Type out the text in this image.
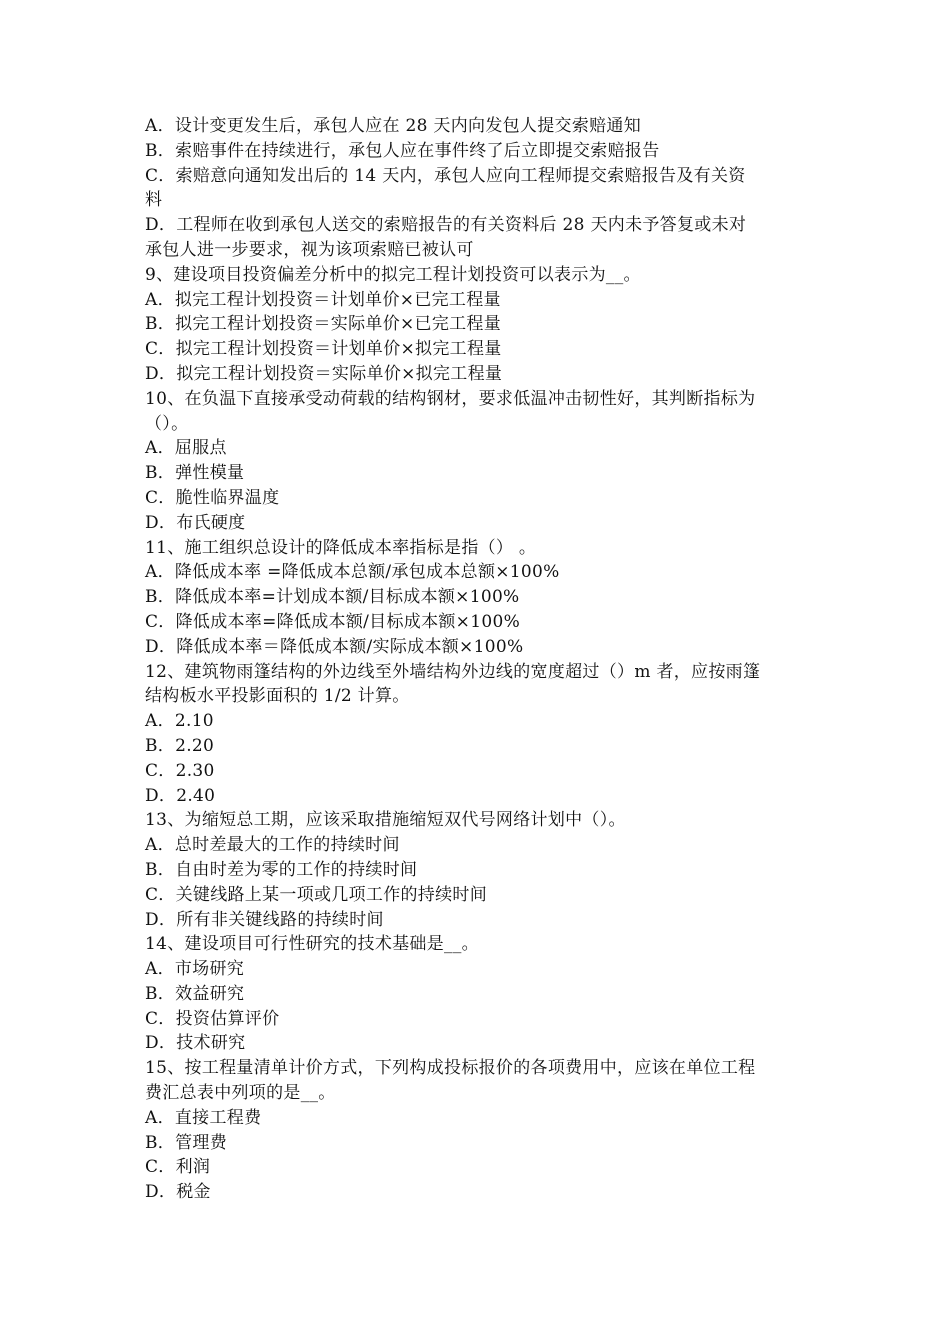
A．设计变更发生后，承包人应在 28 天内向发包人提交索赔通知
B．索赔事件在持续进行，承包人应在事件终了后立即提交索赔报告
C．索赔意向通知发出后的 14 天内，承包人应向工程师提交索赔报告及有关资
料
D．工程师在收到承包人送交的索赔报告的有关资料后 28 天内未予答复或未对
承包人进一步要求，视为该项索赔已被认可
9、建设项目投资偏差分析中的拟完工程计划投资可以表示为__。
A．拟完工程计划投资＝计划单价×已完工程量
B．拟完工程计划投资＝实际单价×已完工程量
C．拟完工程计划投资＝计划单价×拟完工程量
D．拟完工程计划投资＝实际单价×拟完工程量
10、在负温下直接承受动荷载的结构钢材，要求低温冲击韧性好，其判断指标为
（）。
A．屈服点
B．弹性模量
C．脆性临界温度
D．布氏硬度
11、施工组织总设计的降低成本率指标是指（） 。
A．降低成本率 =降低成本总额/承包成本总额×100%
B．降低成本率=计划成本额/目标成本额×100%
C．降低成本率=降低成本额/目标成本额×100%
D．降低成本率＝降低成本额/实际成本额×100%
12、建筑物雨篷结构的外边线至外墙结构外边线的宽度超过（）m 者，应按雨篷
结构板水平投影面积的 1/2 计算。
A．2.10
B．2.20
C．2.30
D．2.40
13、为缩短总工期，应该采取措施缩短双代号网络计划中（）。
A．总时差最大的工作的持续时间
B．自由时差为零的工作的持续时间
C．关键线路上某一项或几项工作的持续时间
D．所有非关键线路的持续时间
14、建设项目可行性研究的技术基础是__。
A．市场研究
B．效益研究
C．投资估算评价
D．技术研究
15、按工程量清单计价方式，下列构成投标报价的各项费用中，应该在单位工程
费汇总表中列项的是__。
A．直接工程费
B．管理费
C．利润
D．税金
